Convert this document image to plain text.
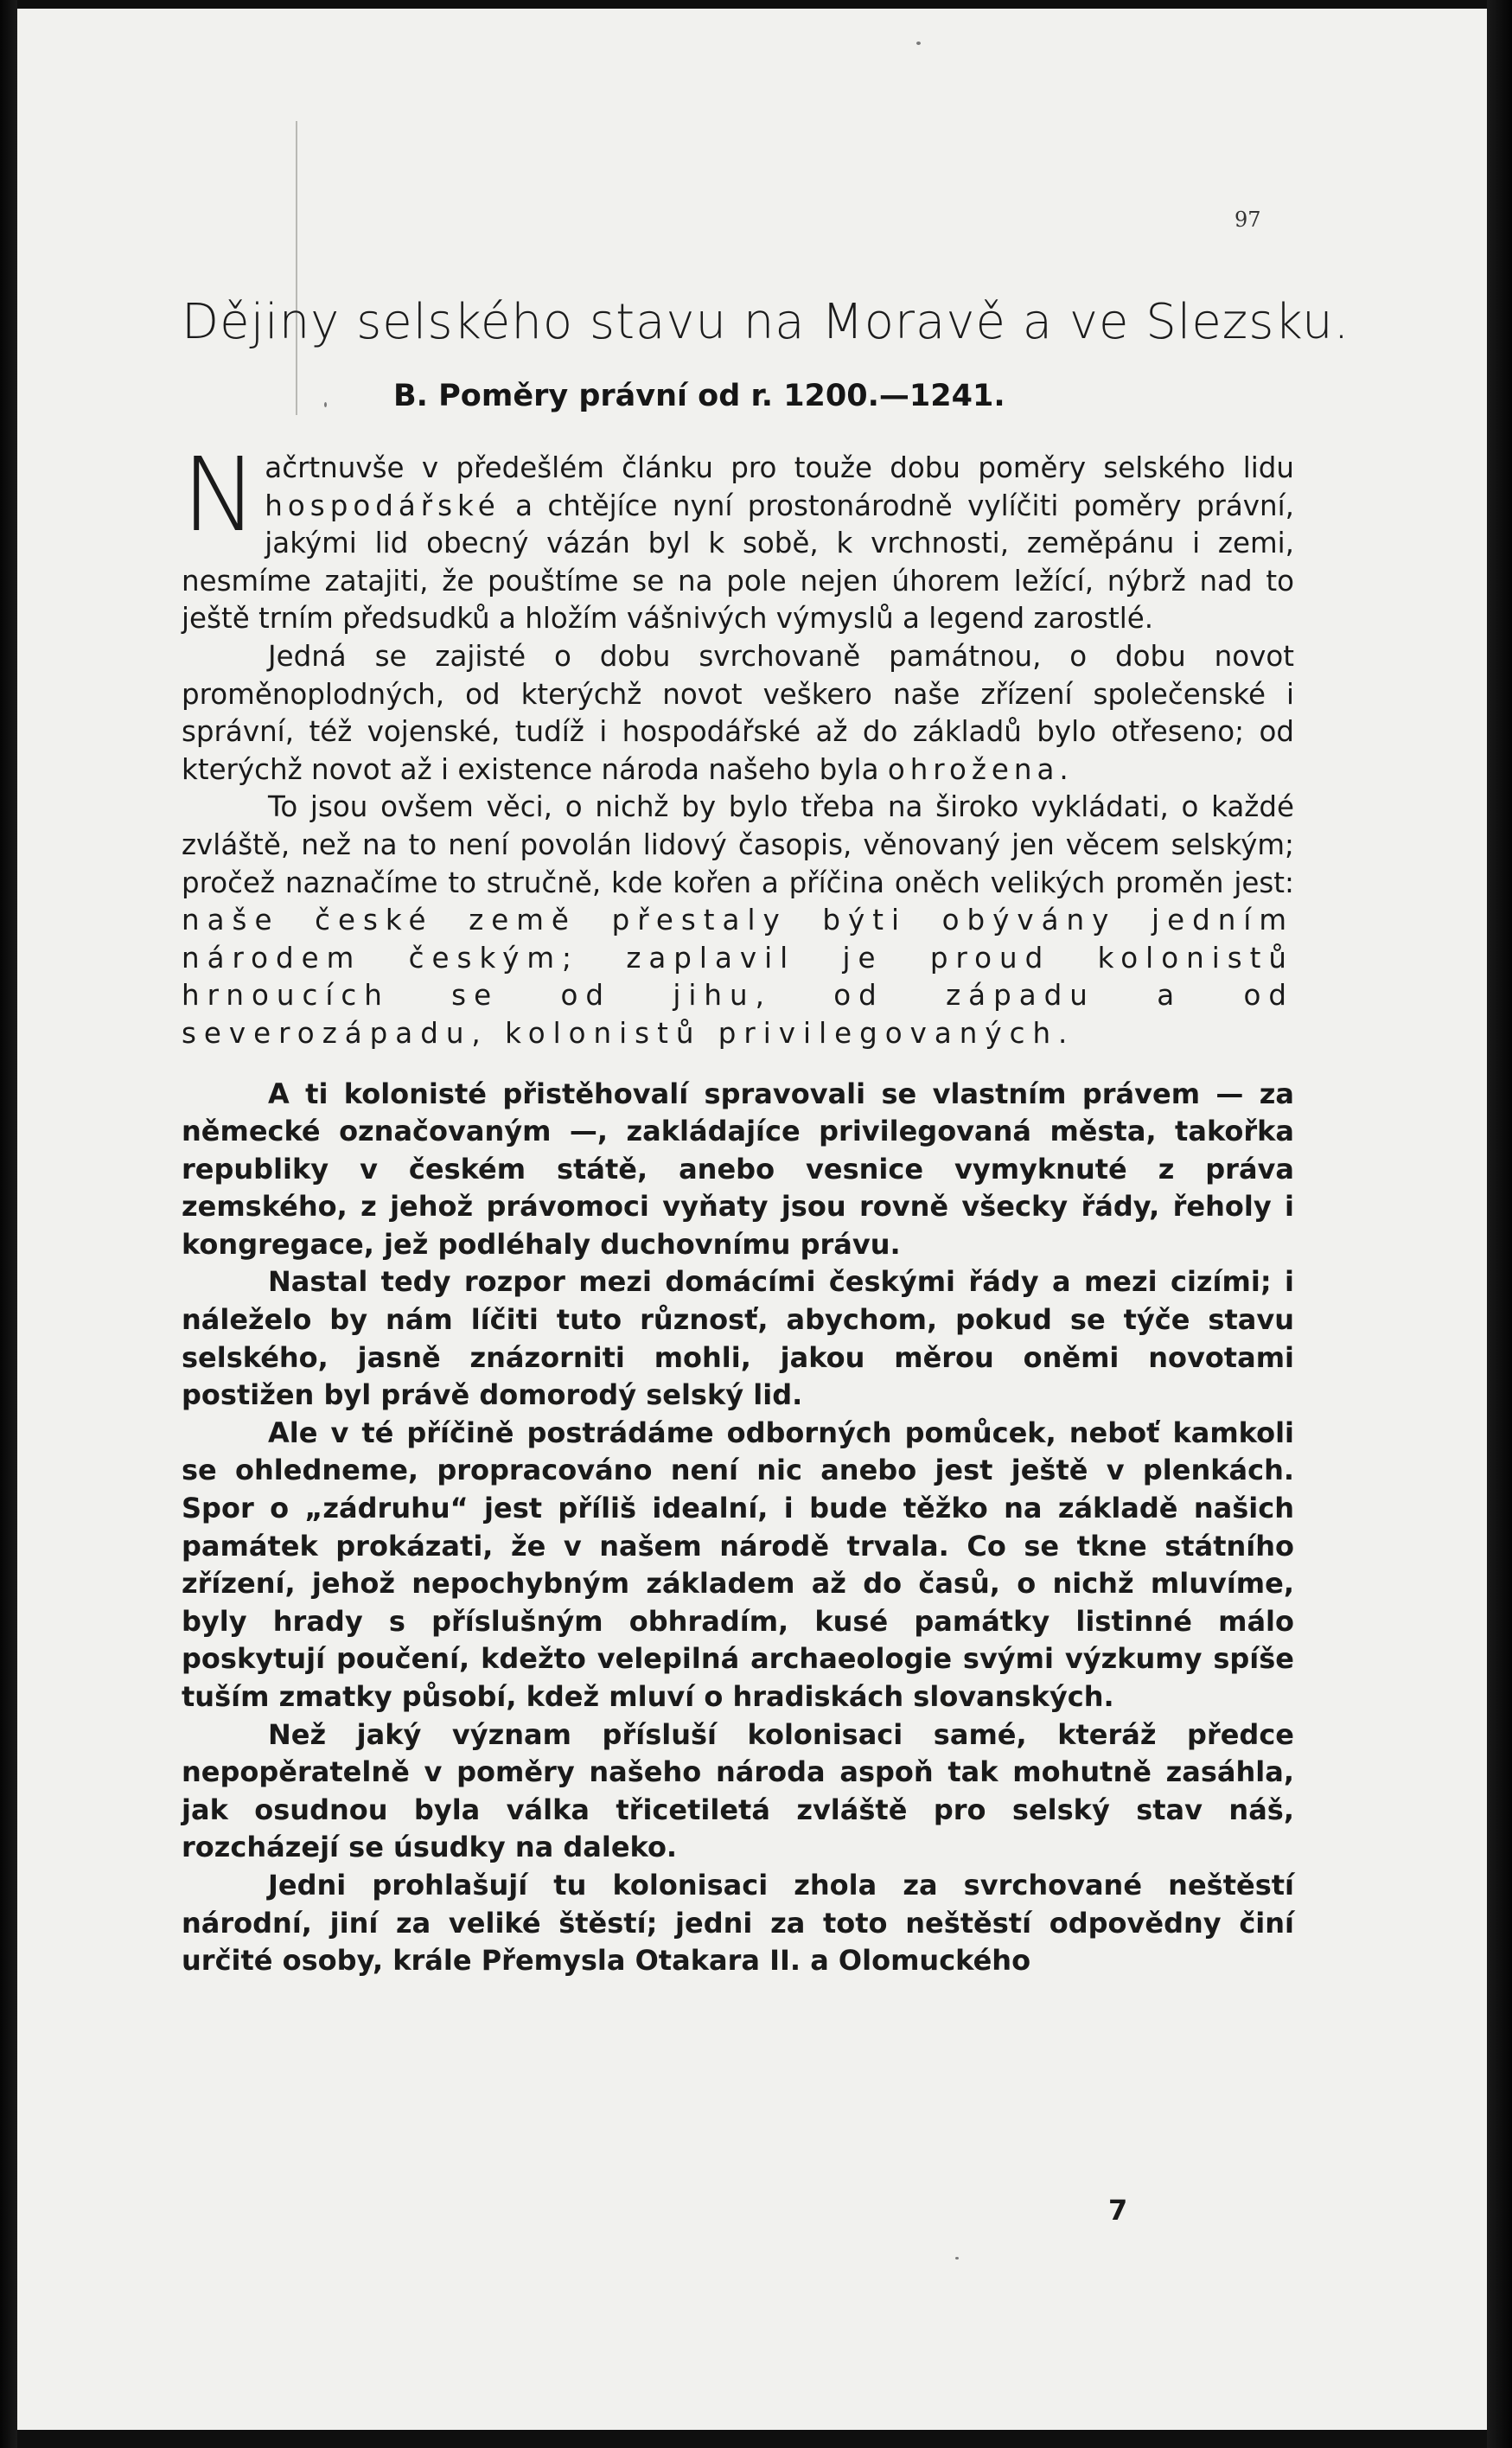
97
Dějiny selského stavu na Moravě a ve Slezsku.
B. Poměry právní od r. 1200.—1241.

Načrtnuvše v předešlém článku pro touže dobu poměry selského lidu hospodářské a chtějíce nyní prostonárodně vylíčiti poměry právní, jakými lid obecný vázán byl k sobě, k vrchnosti, zeměpánu i zemi, nesmíme zatajiti, že pouštíme se na pole nejen úhorem ležící, nýbrž nad to ještě trním předsudků a hložím vášnivých výmyslů a legend zarostlé.

Jedná se zajisté o dobu svrchovaně památnou, o dobu novot proměnoplodných, od kterýchž novot veškero naše zřízení společenské i správní, též vojenské, tudíž i hospodářské až do základů bylo otřeseno; od kterýchž novot až i existence národa našeho byla ohrožena.

To jsou ovšem věci, o nichž by bylo třeba na široko vykládati, o každé zvláště, než na to není povolán lidový časopis, věnovaný jen věcem selským; pročež naznačíme to stručně, kde kořen a příčina oněch velikých proměn jest: naše české země přestaly býti obývány jedním národem českým; zaplavil je proud kolonistů hrnoucích se od jihu, od západu a od severozápadu, kolonistů privilegovaných.

A ti kolonisté přistěhovalí spravovali se vlastním právem — za německé označovaným —, zakládajíce privilegovaná města, takořka republiky v českém státě, anebo vesnice vymyknuté z práva zemského, z jehož právomoci vyňaty jsou rovně všecky řády, řeholy i kongregace, jež podléhaly duchovnímu právu.

Nastal tedy rozpor mezi domácími českými řády a mezi cizími; i náleželo by nám líčiti tuto různosť, abychom, pokud se týče stavu selského, jasně znázorniti mohli, jakou měrou oněmi novotami postižen byl právě domorodý selský lid.

Ale v té příčině postrádáme odborných pomůcek, neboť kamkoli se ohledneme, propracováno není nic anebo jest ještě v plenkách. Spor o „zádruhu“ jest příliš idealní, i bude těžko na základě našich památek prokázati, že v našem národě trvala. Co se tkne státního zřízení, jehož nepochybným základem až do časů, o nichž mluvíme, byly hrady s příslušným obhradím, kusé památky listinné málo poskytují poučení, kdežto velepilná archaeologie svými výzkumy spíše tuším zmatky působí, kdež mluví o hradiskách slovanských.

Než jaký význam přísluší kolonisaci samé, kteráž předce nepopěratelně v poměry našeho národa aspoň tak mohutně zasáhla, jak osudnou byla válka třicetiletá zvláště pro selský stav náš, rozcházejí se úsudky na daleko.

Jedni prohlašují tu kolonisaci zhola za svrchované neštěstí národní, jiní za veliké štěstí; jedni za toto neštěstí odpovědny činí určité osoby, krále Přemysla Otakara II. a Olomuckého

7
